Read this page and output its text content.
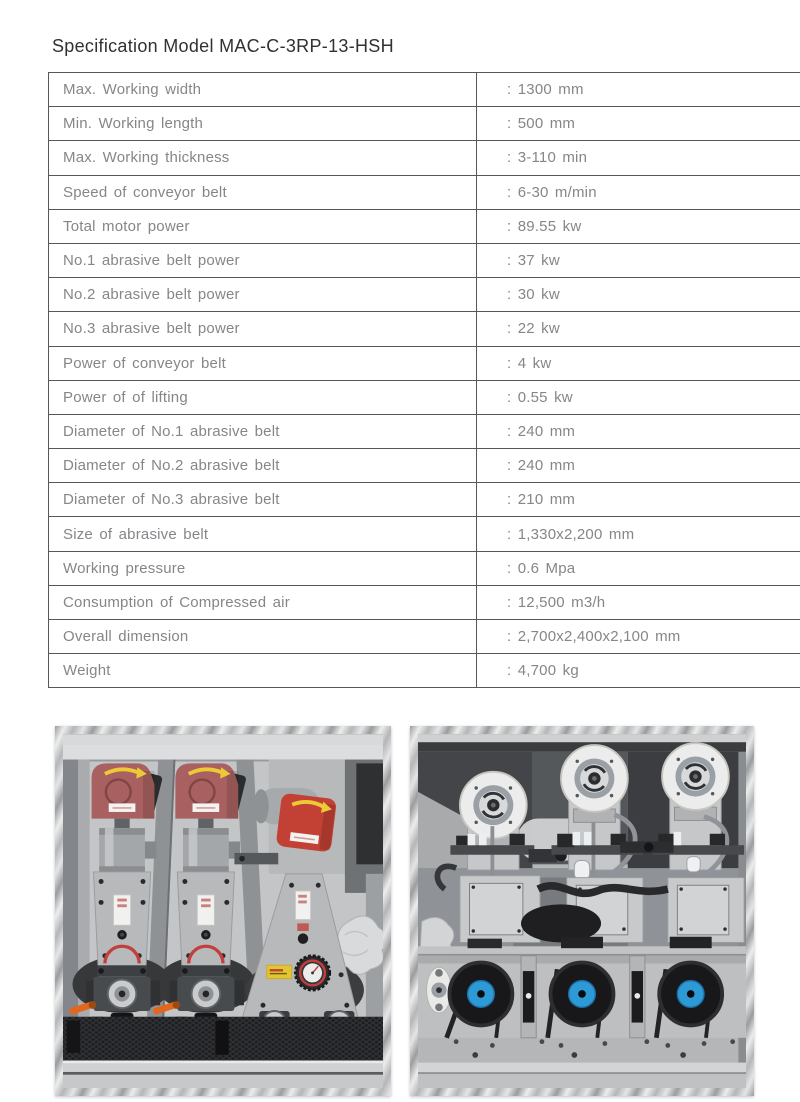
Specification Model MAC-C-3RP-13-HSH
Max. Working width	: 1300 mm
Min. Working length	: 500 mm
Max. Working thickness	: 3-110 min
Speed of conveyor belt	: 6-30 m/min
Total motor power	: 89.55 kw
No.1 abrasive belt power	: 37 kw
No.2 abrasive belt power	: 30 kw
No.3 abrasive belt power	: 22 kw
Power of conveyor belt	: 4 kw
Power of of lifting	: 0.55 kw
Diameter of No.1 abrasive belt	: 240 mm
Diameter of No.2 abrasive belt	: 240 mm
Diameter of No.3 abrasive belt	: 210 mm
Size of abrasive belt	: 1,330x2,200 mm
Working pressure	: 0.6 Mpa
Consumption of Compressed air	: 12,500 m3/h
Overall dimension	: 2,700x2,400x2,100 mm
Weight	: 4,700 kg
